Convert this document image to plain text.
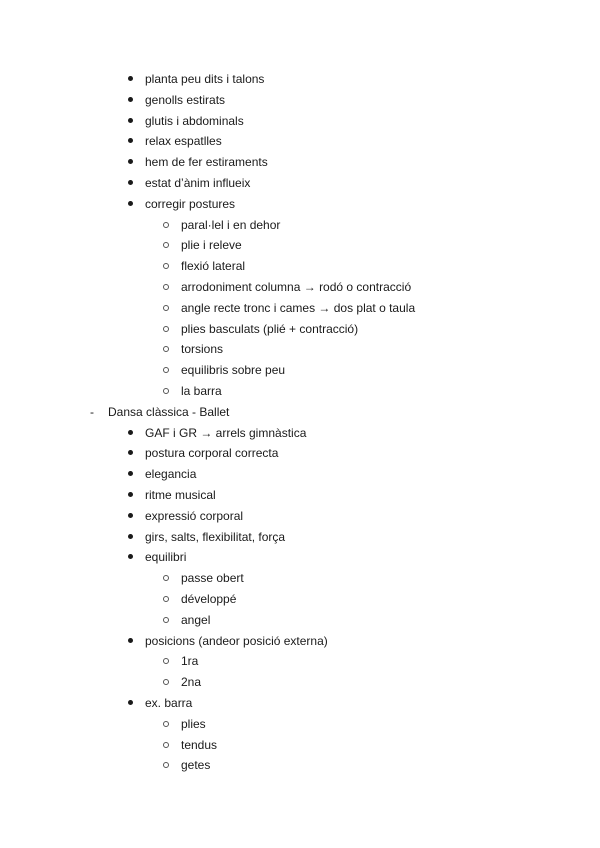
planta peu dits i talons
genolls estirats
glutis i abdominals
relax espatlles
hem de fer estiraments
estat d’ànim influeix
corregir postures
paral·lel i en dehor
plie i releve
flexió lateral
arrodoniment columna → rodó o contracció
angle recte tronc i cames → dos plat o taula
plies basculats (plié + contracció)
torsions
equilibris sobre peu
la barra
- Dansa clàssica - Ballet
GAF i GR → arrels gimnàstica
postura corporal correcta
elegancia
ritme musical
expressió corporal
girs, salts, flexibilitat, força
equilibri
passe obert
développé
angel
posicions (andeor posició externa)
1ra
2na
ex. barra
plies
tendus
getes
